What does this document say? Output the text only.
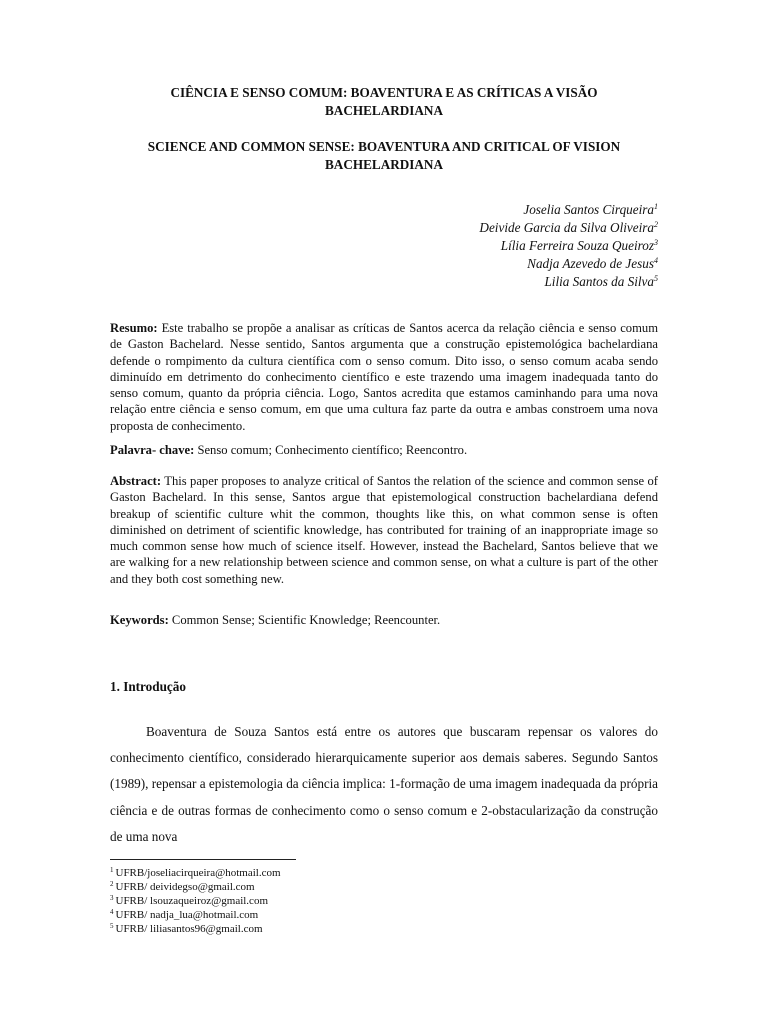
CIÊNCIA E SENSO COMUM: BOAVENTURA E AS CRÍTICAS A VISÃO BACHELARDIANA
SCIENCE AND COMMON SENSE: BOAVENTURA AND CRITICAL OF VISION BACHELARDIANA
Joselia Santos Cirqueira$^1$
Deivide Garcia da Silva Oliveira$^2$
Lília Ferreira Souza Queiroz$^3$
Nadja Azevedo de Jesus$^4$
Lilia Santos da Silva$^5$
Resumo: Este trabalho se propõe a analisar as críticas de Santos acerca da relação ciência e senso comum de Gaston Bachelard. Nesse sentido, Santos argumenta que a construção epistemológica bachelardiana defende o rompimento da cultura científica com o senso comum. Dito isso, o senso comum acaba sendo diminuído em detrimento do conhecimento científico e este trazendo uma imagem inadequada tanto do senso comum, quanto da própria ciência. Logo, Santos acredita que estamos caminhando para uma nova relação entre ciência e senso comum, em que uma cultura faz parte da outra e ambas constroem uma nova proposta de conhecimento.
Palavra- chave: Senso comum; Conhecimento científico; Reencontro.
Abstract: This paper proposes to analyze critical of Santos the relation of the science and common sense of Gaston Bachelard. In this sense, Santos argue that epistemological construction bachelardiana defend breakup of scientific culture whit the common, thoughts like this, on what common sense is often diminished on detriment of scientific knowledge, has contributed for training of an inappropriate image so much common sense how much of science itself. However, instead the Bachelard, Santos believe that we are walking for a new relationship between science and common sense, on what a culture is part of the other and they both cost something new.
Keywords: Common Sense; Scientific Knowledge; Reencounter.
1. Introdução
Boaventura de Souza Santos está entre os autores que buscaram repensar os valores do conhecimento científico, considerado hierarquicamente superior aos demais saberes. Segundo Santos (1989), repensar a epistemologia da ciência implica: 1-formação de uma imagem inadequada da própria ciência e de outras formas de conhecimento como o senso comum e 2-obstacularização da construção de uma nova
$^1$ UFRB/joseliacirqueira@hotmail.com
$^2$ UFRB/ deividegso@gmail.com
$^3$ UFRB/ lsouzaqueiroz@gmail.com
$^4$ UFRB/ nadja_lua@hotmail.com
$^5$ UFRB/ liliasantos96@gmail.com
